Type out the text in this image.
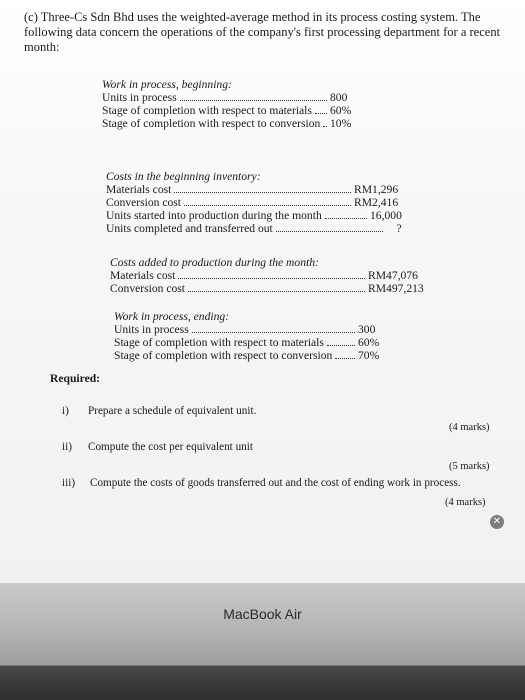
(c) Three-Cs Sdn Bhd uses the weighted-average method in its process costing system. The following data concern the operations of the company's first processing department for a recent month:

Work in process, beginning:
Units in process	800
Stage of completion with respect to materials 60%
Stage of completion with respect to conversion 10%
Costs in the beginning inventory:
Materials cost	RM1,296
Conversion cost	RM2,416
Units started into production during the month	16,000
Units completed and transferred out	?
Costs added to production during the month:
Materials cost	RM47,076
Conversion cost	RM497,213
Work in process, ending:
Units in process	300
Stage of completion with respect to materials	60%
Stage of completion with respect to conversion 70%
Required:
i) Prepare a schedule of equivalent unit.
(4 marks)
ii) Compute the cost per equivalent unit
(5 marks)
iii) Compute the costs of goods transferred out and the cost of ending work in process.
(4 marks)
✕
MacBook Air
